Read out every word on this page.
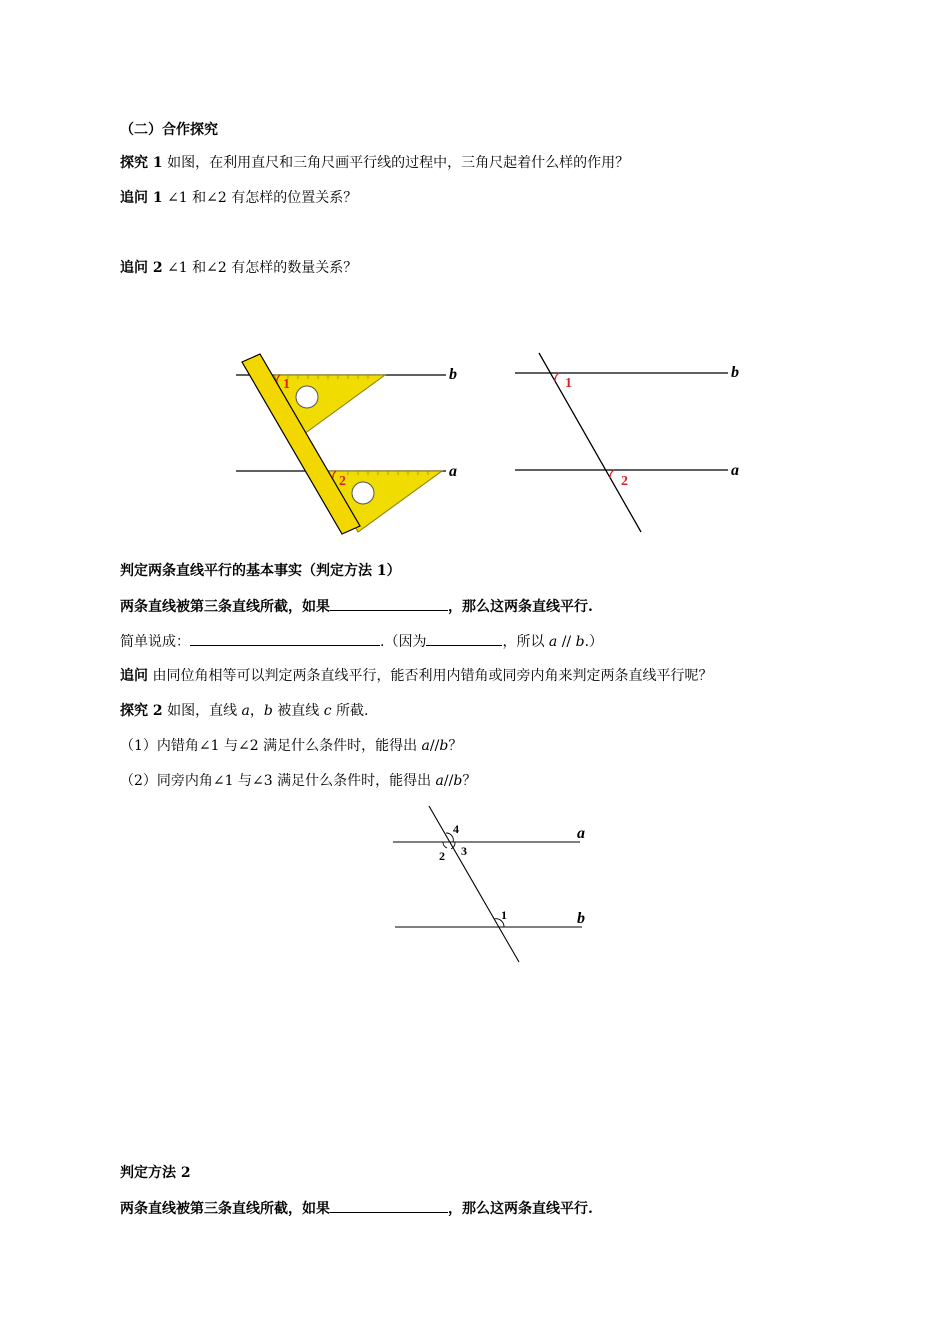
（二）合作探究
探究 1 如图，在利用直尺和三角尺画平行线的过程中，三角尺起着什么样的作用？
追问 1 ∠1 和∠2 有怎样的位置关系？
追问 2 ∠1 和∠2 有怎样的数量关系？
1
2
b
a
1
2
b
a
判定两条直线平行的基本事实（判定方法 1）
两条直线被第三条直线所截，如果	，那么这两条直线平行.
简单说成：	.（因为	，所以 a // b.）
追问 由同位角相等可以判定两条直线平行，能否利用内错角或同旁内角来判定两条直线平行呢？
探究 2 如图，直线 a，b 被直线 c 所截.
（1）内错角∠1 与∠2 满足什么条件时，能得出 a//b？
（2）同旁内角∠1 与∠3 满足什么条件时，能得出 a//b？
4
2 3
1
a
b
判定方法 2
两条直线被第三条直线所截，如果	，那么这两条直线平行.
